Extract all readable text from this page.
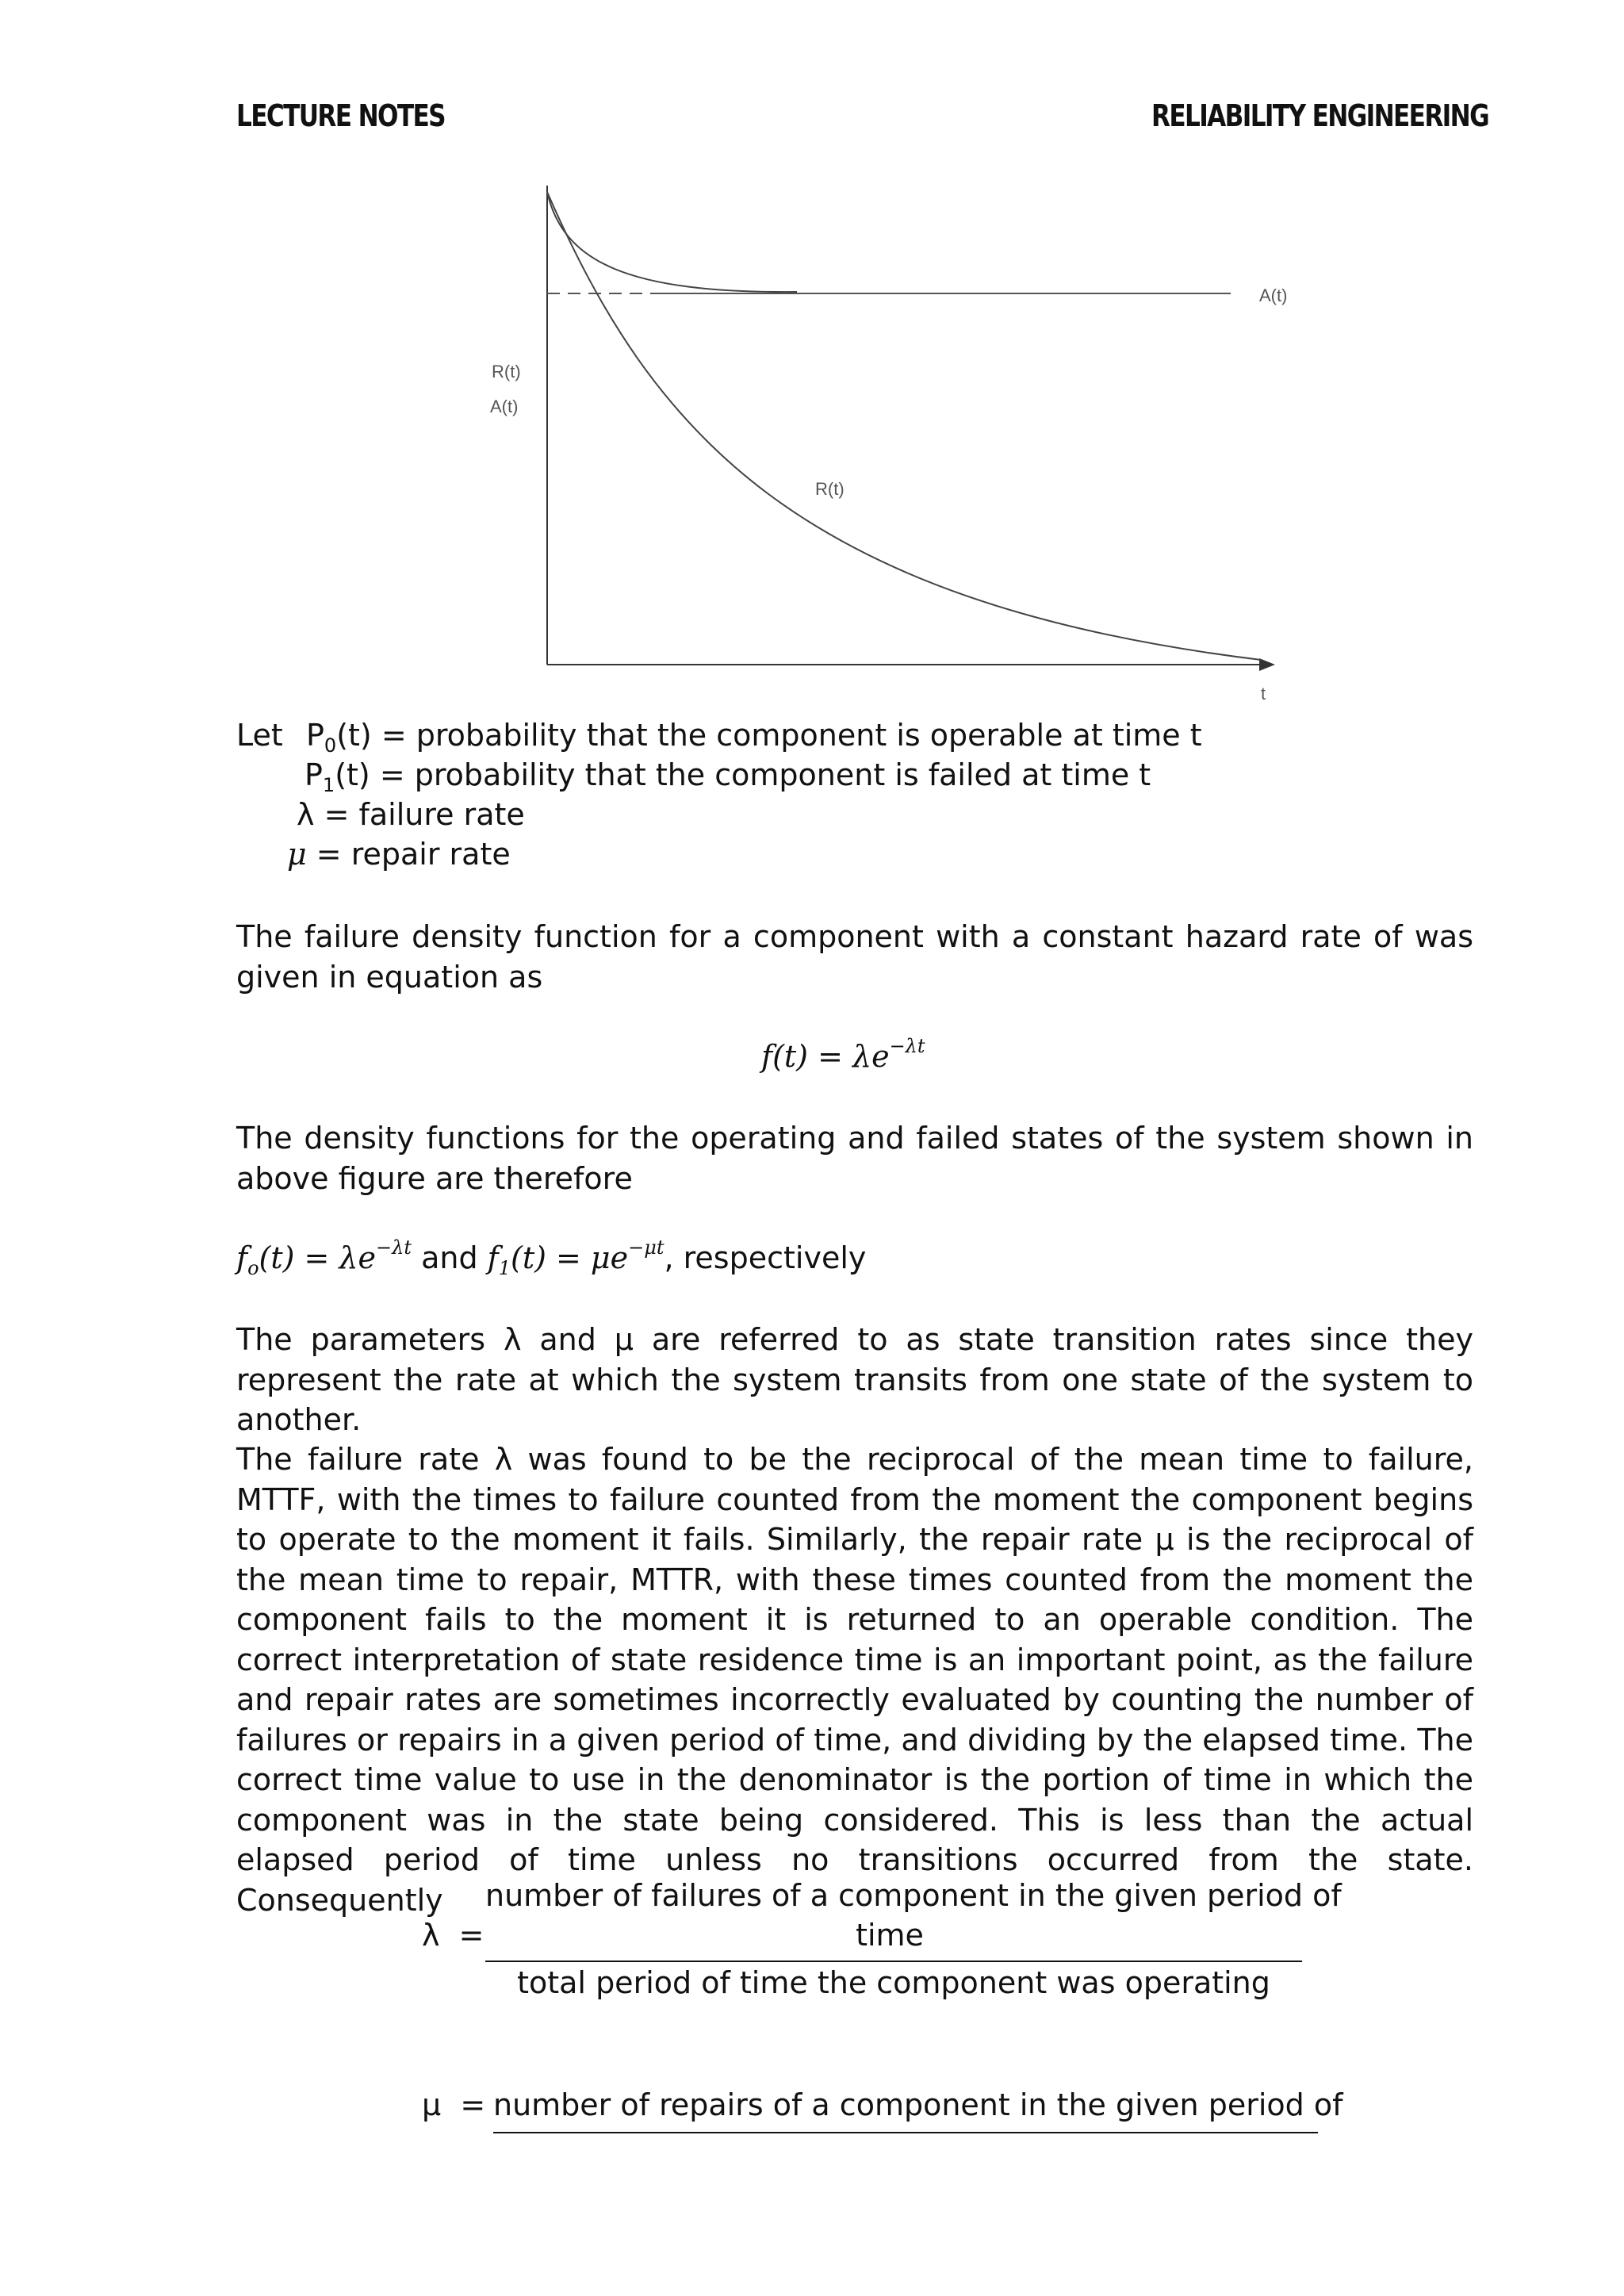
LECTURE NOTES	RELIABILITY ENGINEERING
A(t)
R(t)
A(t)
R(t)
t
Let $P_0(t)$ = probability that the component is operable at time t
$P_1(t)$ = probability that the component is failed at time t
λ = failure rate
μ = repair rate
The failure density function for a component with a constant hazard rate of was given in equation as
$f(t) = \lambda e^{-\lambda t}$
The density functions for the operating and failed states of the system shown in above figure are therefore
$f_o(t) = \lambda e^{-\lambda t}$ and $f_1(t) = \mu e^{-\mu t}$, respectively
The parameters λ and μ are referred to as state transition rates since they represent the rate at which the system transits from one state of the system to another.
The failure rate λ was found to be the reciprocal of the mean time to failure, MTTF, with the times to failure counted from the moment the component begins to operate to the moment it fails. Similarly, the repair rate μ is the reciprocal of the mean time to repair, MTTR, with these times counted from the moment the component fails to the moment it is returned to an operable condition. The correct interpretation of state residence time is an important point, as the failure and repair rates are sometimes incorrectly evaluated by counting the number of failures or repairs in a given period of time, and dividing by the elapsed time. The correct time value to use in the denominator is the portion of time in which the component was in the state being considered. This is less than the actual elapsed period of time unless no transitions occurred from the state. Consequently
λ  =
number of failures of a component in the given period of
time
total period of time the component was operating
μ  = number of repairs of a component in the given period of
